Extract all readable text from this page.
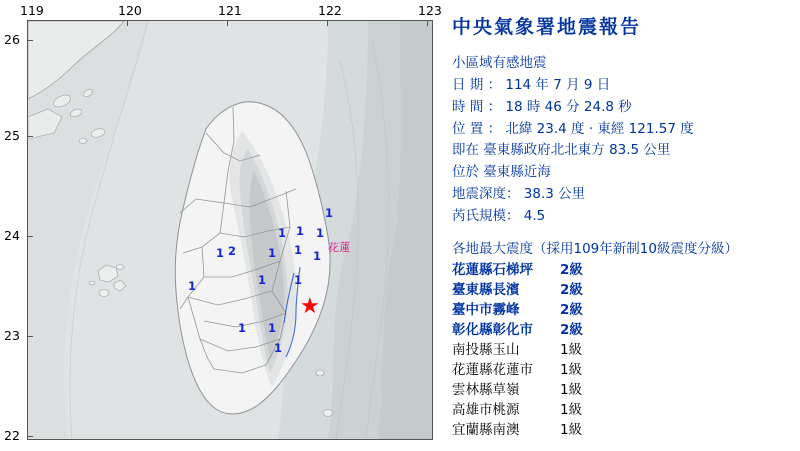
119	120	121	122	123
26
25
24
23
22
1
1 1 1
1 2	1 1 1
1	1 1
1 1
1
花蓮
★
中央氣象署地震報告
小區域有感地震
日 期 ： 114 年 7 月 9 日
時 間 ： 18 時 46 分 24.8 秒
位 置 ： 北緯 23.4 度 ‧ 東經 121.57 度
即在 臺東縣政府北北東方 83.5 公里
位於 臺東縣近海
地震深度： 38.3 公里
芮氏規模： 4.5
各地最大震度（採用109年新制10級震度分級）
花蓮縣石梯坪 2級
臺東縣長濱	2級
臺中市霧峰	2級
彰化縣彰化市 2級
南投縣玉山	1級
花蓮縣花蓮市 1級
雲林縣草嶺	1級
高雄市桃源	1級
宜蘭縣南澳	1級
